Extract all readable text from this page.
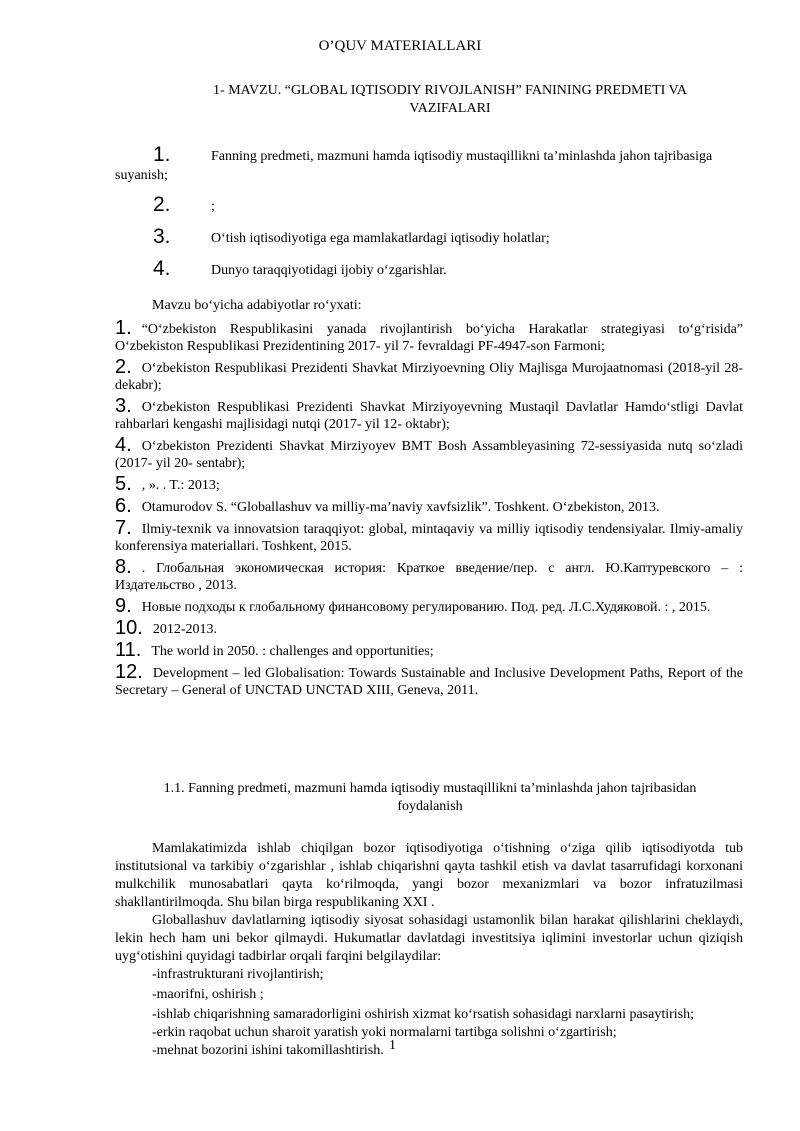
O’QUV MATERIALLARI
1- MAVZU. “GLOBAL IQTISODIY RIVOJLANISH” FANINING PREDMETI VA VAZIFALARI
1.	Fanning predmeti, mazmuni hamda iqtisodiy mustaqillikni ta’minlashda jahon tajribasiga suyanish;
2.	;
3.	O‘tish iqtisodiyotiga ega mamlakatlardagi iqtisodiy holatlar;
4.	Dunyo taraqqiyotidagi ijobiy o‘zgarishlar.
Mavzu bo‘yicha adabiyotlar ro‘yxati:
1. “O‘zbekiston Respublikasini yanada rivojlantirish bo‘yicha Harakatlar strategiyasi to‘g‘risida” O‘zbekiston Respublikasi Prezidentining 2017- yil 7- fevraldagi PF-4947-son Farmoni;
2. O‘zbekiston Respublikasi Prezidenti Shavkat Mirziyoevning Oliy Majlisga Murojaatnomasi (2018-yil 28- dekabr);
3. O‘zbekiston Respublikasi Prezidenti Shavkat Mirziyoyevning Mustaqil Davlatlar Hamdo‘stligi Davlat rahbarlari kengashi majlisidagi nutqi (2017- yil 12- oktabr);
4. O‘zbekiston Prezidenti Shavkat Mirziyoyev BMT Bosh Assambleyasining 72-sessiyasida nutq so‘zladi (2017- yil 20- sentabr);
5. , ». . T.: 2013;
6. Otamurodov S. “Globallashuv va milliy-ma’naviy xavfsizlik”. Toshkent. O‘zbekiston, 2013.
7. Ilmiy-texnik va innovatsion taraqqiyot: global, mintaqaviy va milliy iqtisodiy tendensiyalar. Ilmiy-amaliy konferensiya materiallari. Toshkent, 2015.
8. . Глобальная экономическая история: Краткое введение/пер. с англ. Ю.Каптуревского – : Издательство , 2013.
9. Новые подходы к глобальному финансовому регулированию. Под. ред. Л.С.Худяковой. : , 2015.
10. 2012-2013.
11. The world in 2050. : challenges and opportunities;
12. Development – led Globalisation: Towards Sustainable and Inclusive Development Paths, Report of the Secretary – General of UNCTAD UNCTAD XIII, Geneva, 2011.
1.1. Fanning predmeti, mazmuni hamda iqtisodiy mustaqillikni ta’minlashda jahon tajribasidan foydalanish

Mamlakatimizda ishlab chiqilgan bozor iqtisodiyotiga o‘tishning o‘ziga qilib iqtisodiyotda tub institutsional va tarkibiy o‘zgarishlar , ishlab chiqarishni qayta tashkil etish va davlat tasarrufidagi korxonani mulkchilik munosabatlari qayta ko‘rilmoqda, yangi bozor mexanizmlari va bozor infratuzilmasi shakllantirilmoqda. Shu bilan birga respublikaning XXI .

Globallashuv davlatlarning iqtisodiy siyosat sohasidagi ustamonlik bilan harakat qilishlarini cheklaydi, lekin hech ham uni bekor qilmaydi. Hukumatlar davlatdagi investitsiya iqlimini investorlar uchun qiziqish uyg‘otishini quyidagi tadbirlar orqali farqini belgilaydilar:

-infrastrukturani rivojlantirish;
-maorifni, oshirish ;
-ishlab chiqarishning samaradorligini oshirish xizmat ko‘rsatish sohasidagi narxlarni pasaytirish;
-erkin raqobat uchun sharoit yaratish yoki normalarni tartibga solishni o‘zgartirish;
-mehnat bozorini ishini takomillashtirish. 1
